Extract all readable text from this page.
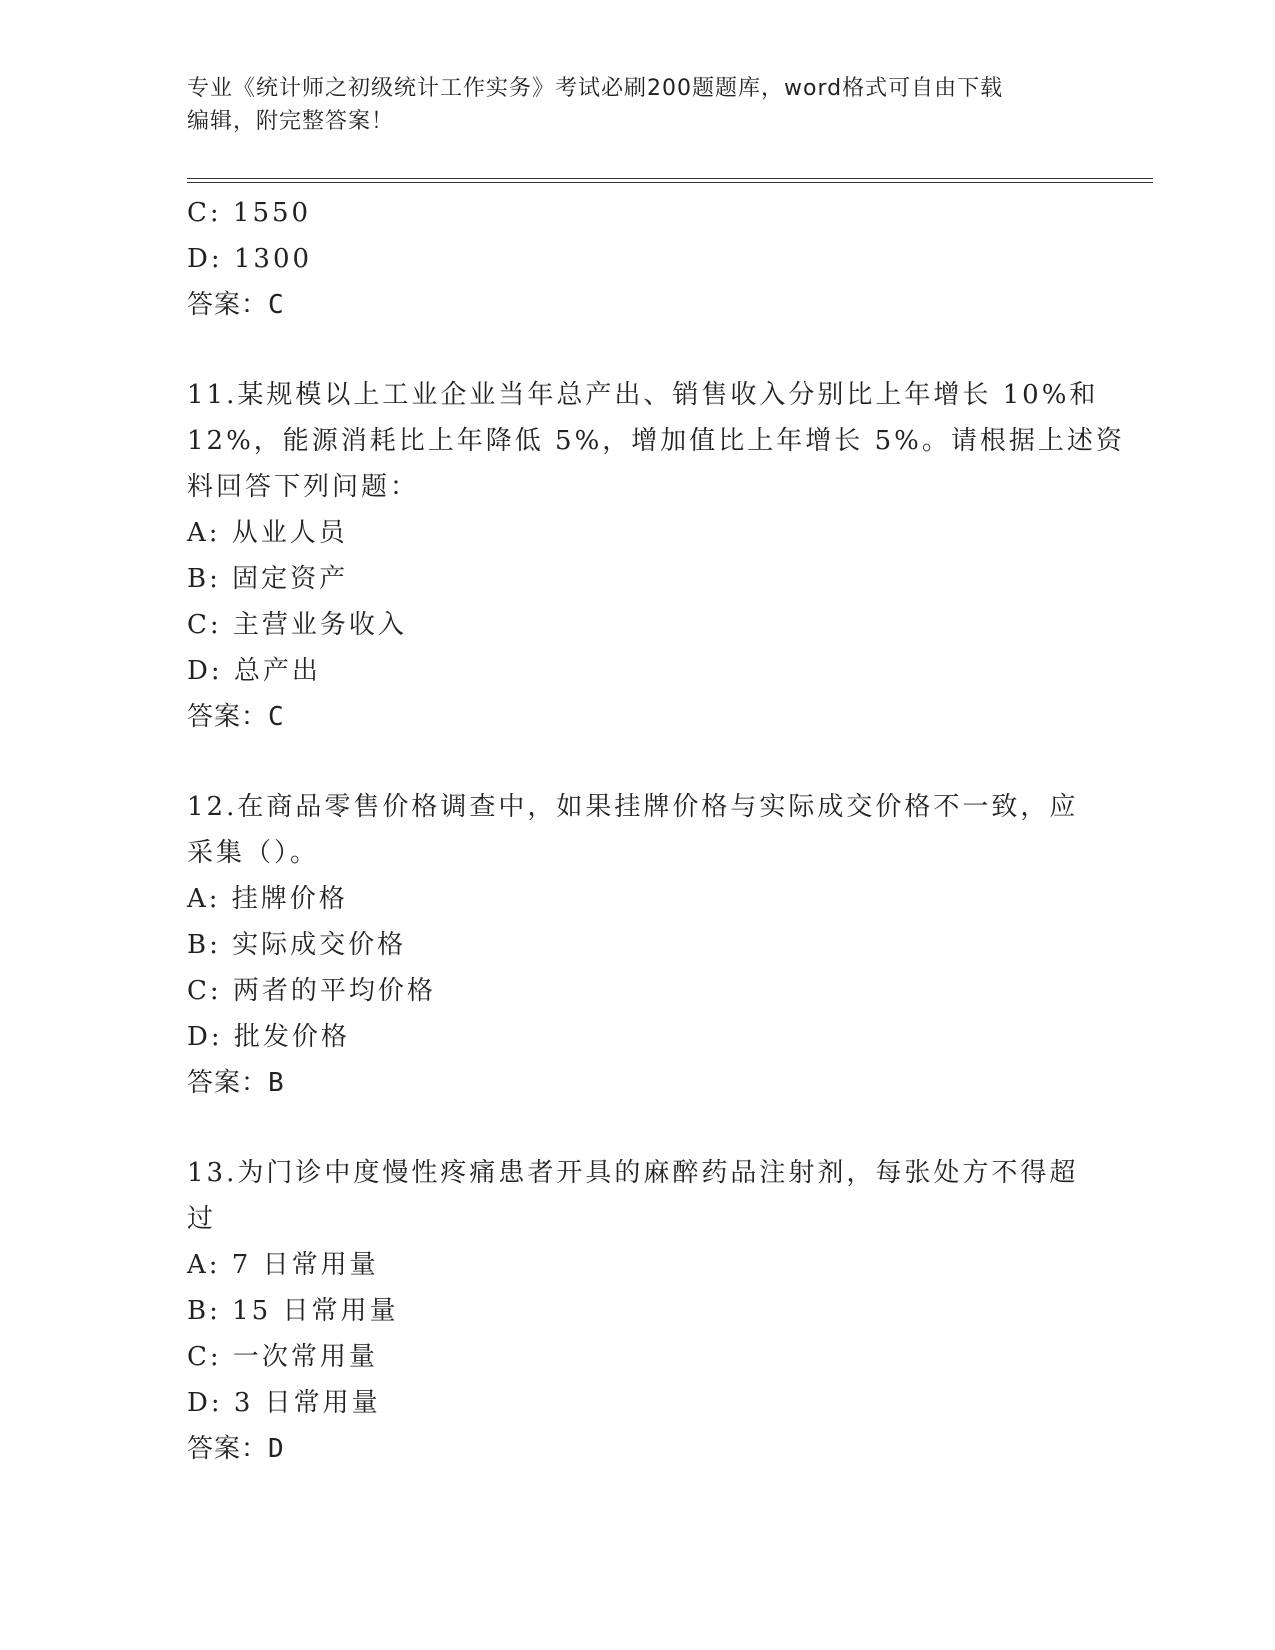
专业《统计师之初级统计工作实务》考试必刷200题题库，word格式可自由下载
编辑，附完整答案！
C: 1550
D: 1300
答案：C
11.某规模以上工业企业当年总产出、销售收入分别比上年增长 10%和
12%，能源消耗比上年降低 5%，增加值比上年增长 5%。请根据上述资
料回答下列问题：
A: 从业人员
B: 固定资产
C: 主营业务收入
D: 总产出
答案：C
12.在商品零售价格调查中，如果挂牌价格与实际成交价格不一致，应
采集（）。
A: 挂牌价格
B: 实际成交价格
C: 两者的平均价格
D: 批发价格
答案：B
13.为门诊中度慢性疼痛患者开具的麻醉药品注射剂，每张处方不得超
过
A: 7 日常用量
B: 15 日常用量
C: 一次常用量
D: 3 日常用量
答案：D
